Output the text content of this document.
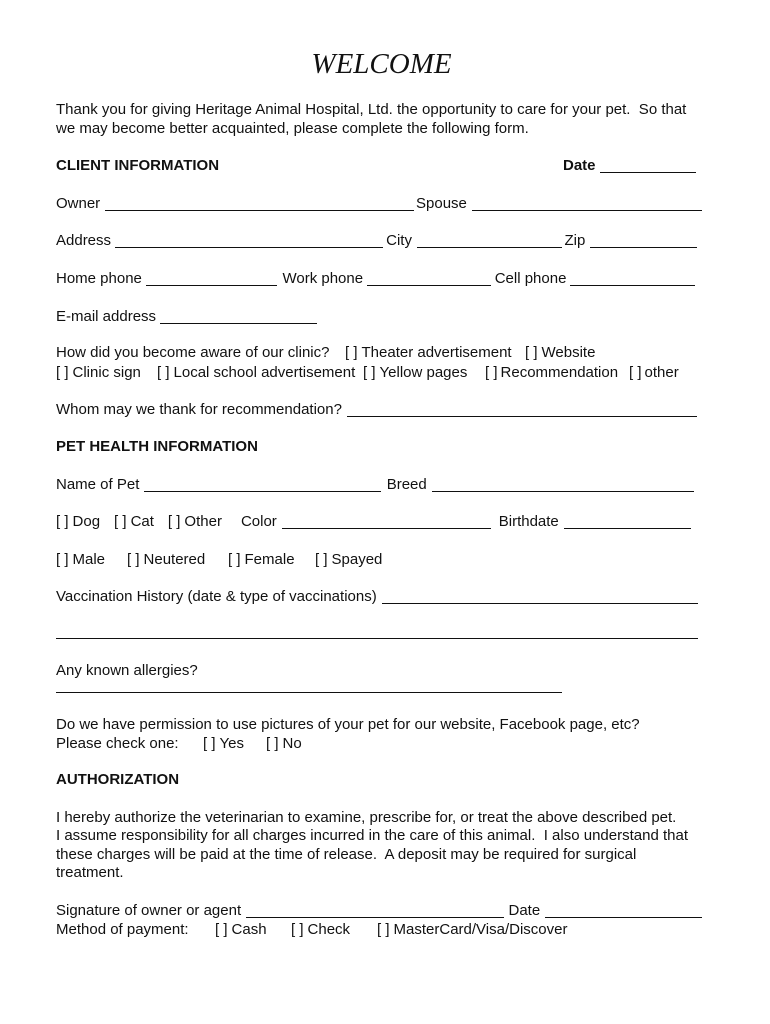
WELCOME
Thank you for giving Heritage Animal Hospital, Ltd. the opportunity to care for your pet.  So that
we may become better acquainted, please complete the following form.
CLIENT INFORMATION	Date
Owner	Spouse
Address	City	Zip
Home phone	Work phone	Cell phone
E-mail address
How did you become aware of our clinic? [ ] Theater advertisement [ ] Website
[ ] Clinic sign [ ] Local school advertisement [ ] Yellow pages [ ] Recommendation [ ] other
Whom may we thank for recommendation?
PET HEALTH INFORMATION
Name of Pet	Breed
[ ] Dog [ ] Cat [ ] Other Color	Birthdate
[ ] Male [ ] Neutered [ ] Female [ ] Spayed
Vaccination History (date & type of vaccinations)
Any known allergies?
Do we have permission to use pictures of your pet for our website, Facebook page, etc?
Please check one: [ ] Yes [ ] No
AUTHORIZATION
I hereby authorize the veterinarian to examine, prescribe for, or treat the above described pet.
I assume responsibility for all charges incurred in the care of this animal.  I also understand that
these charges will be paid at the time of release.  A deposit may be required for surgical
treatment.
Signature of owner or agent	Date
Method of payment: [ ] Cash [ ] Check [ ] MasterCard/Visa/Discover
